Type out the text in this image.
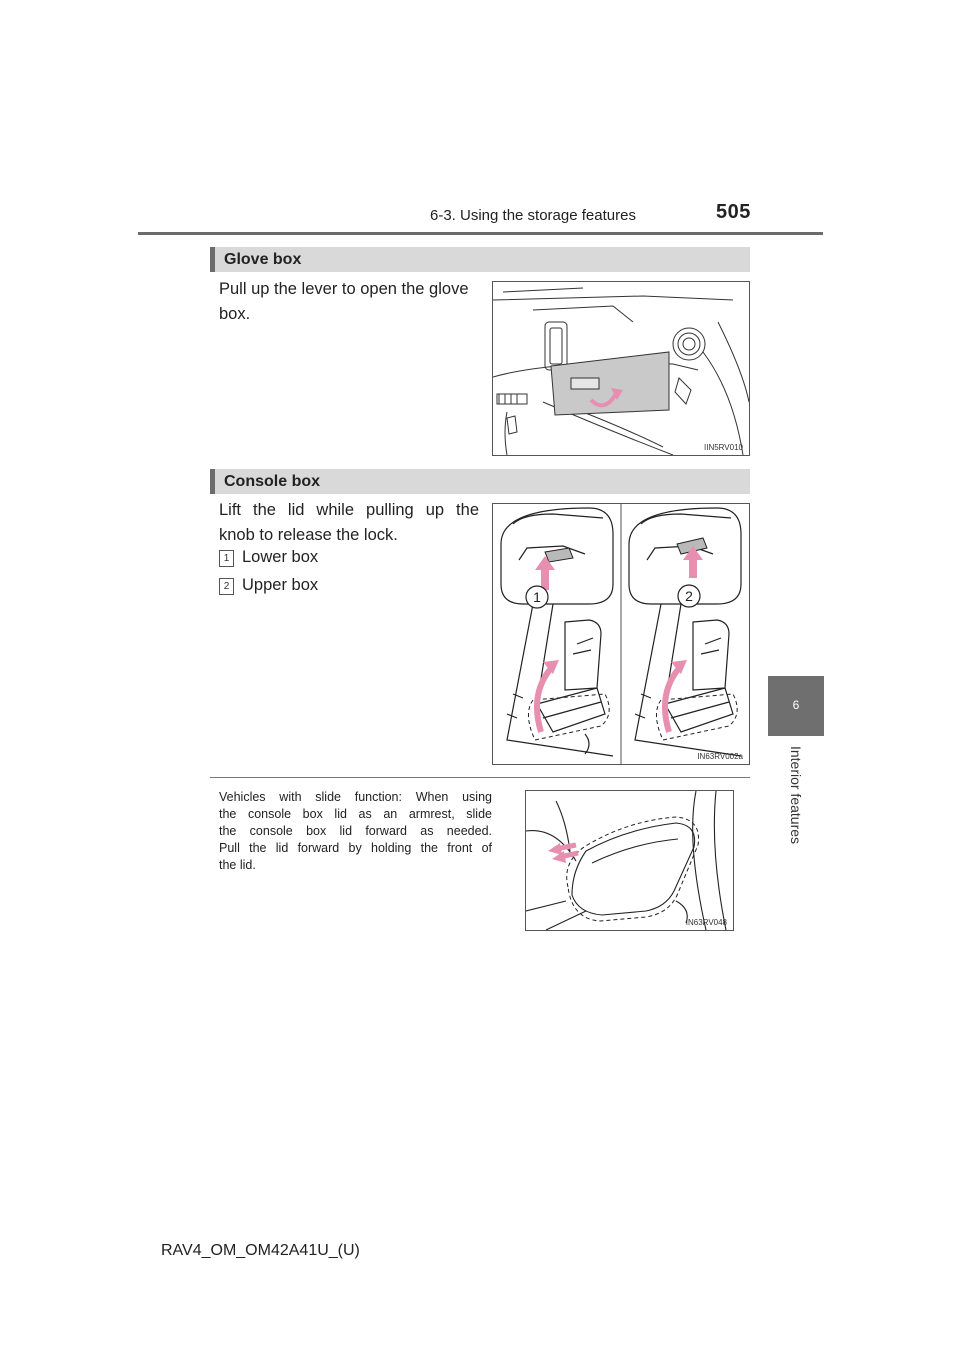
6-3. Using the storage features	505
6
Interior features
Glove box
Pull up the lever to open the glove
box.
IIN5RV010
Console box
Lift the lid while pulling up the
knob to release the lock.
1 Lower box
2 Upper box
1	2
IN63RV002a
Vehicles with slide function: When using
the console box lid as an armrest, slide
the console box lid forward as needed.
Pull the lid forward by holding the front of
the lid.
IN63RV048
RAV4_OM_OM42A41U_(U)
